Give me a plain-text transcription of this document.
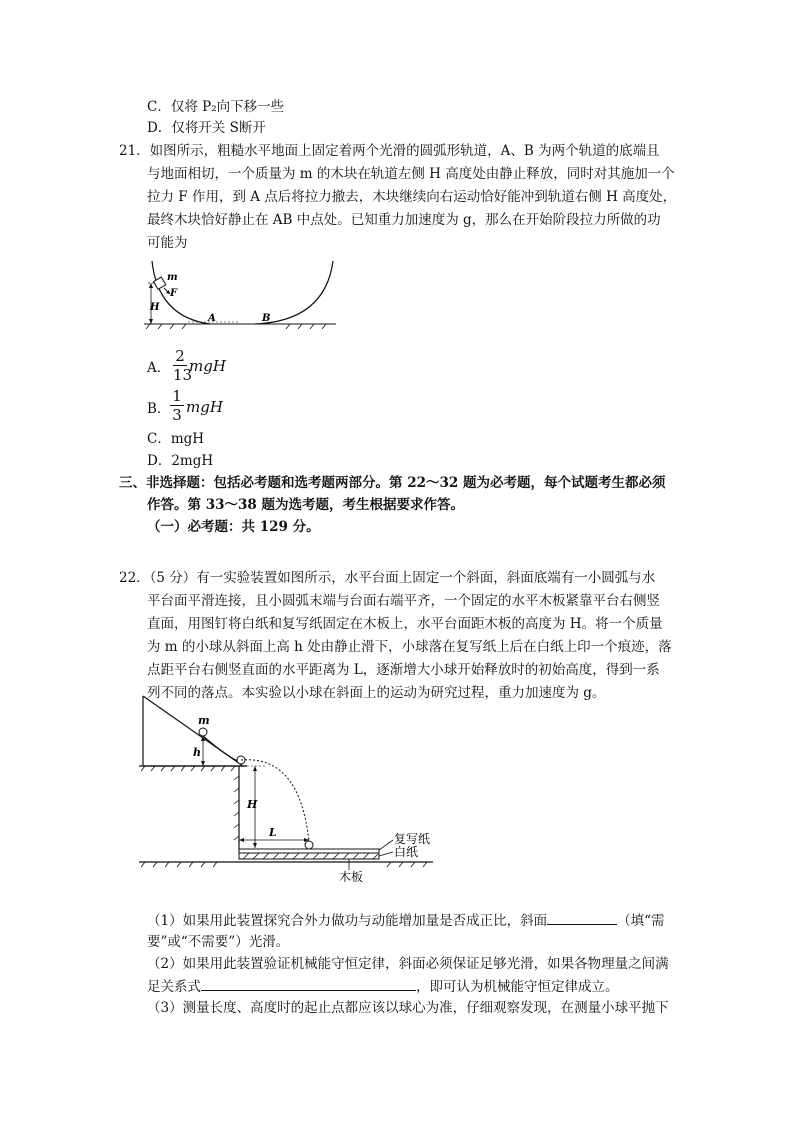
C．仅将 P₂向下移一些
D．仅将开关 S断开
21．如图所示，粗糙水平地面上固定着两个光滑的圆弧形轨道，A、B 为两个轨道的底端且
与地面相切，一个质量为 m 的木块在轨道左侧 H 高度处由静止释放，同时对其施加一个
拉力 F 作用，到 A 点后将拉力撤去，木块继续向右运动恰好能冲到轨道右侧 H 高度处，
最终木块恰好静止在 AB 中点处。已知重力加速度为 g，那么在开始阶段拉力所做的功
可能为
m
F
H
A	B
A．
2
13
mgH
B．
1
3 mgH
C．mgH
D．2mgH
三、非选择题：包括必考题和选考题两部分。第 22～32 题为必考题，每个试题考生都必须
作答。第 33～38 题为选考题，考生根据要求作答。
（一）必考题：共 129 分。
22．（5 分）有一实验装置如图所示，水平台面上固定一个斜面，斜面底端有一小圆弧与水
平台面平滑连接，且小圆弧末端与台面右端平齐，一个固定的水平木板紧靠平台右侧竖
直面，用图钉将白纸和复写纸固定在木板上，水平台面距木板的高度为 H。将一个质量
为 m 的小球从斜面上高 h 处由静止滑下，小球落在复写纸上后在白纸上印一个痕迹，落
点距平台右侧竖直面的水平距离为 L，逐渐增大小球开始释放时的初始高度，得到一系
列不同的落点。本实验以小球在斜面上的运动为研究过程，重力加速度为 g。
m
h
H
L	复写纸
白纸
木板
（1）如果用此装置探究合外力做功与动能增加量是否成正比，斜面	（填“需
要”或“不需要”）光滑。
（2）如果用此装置验证机械能守恒定律，斜面必须保证足够光滑，如果各物理量之间满
足关系式	，即可认为机械能守恒定律成立。
（3）测量长度、高度时的起止点都应该以球心为准，仔细观察发现，在测量小球平抛下
